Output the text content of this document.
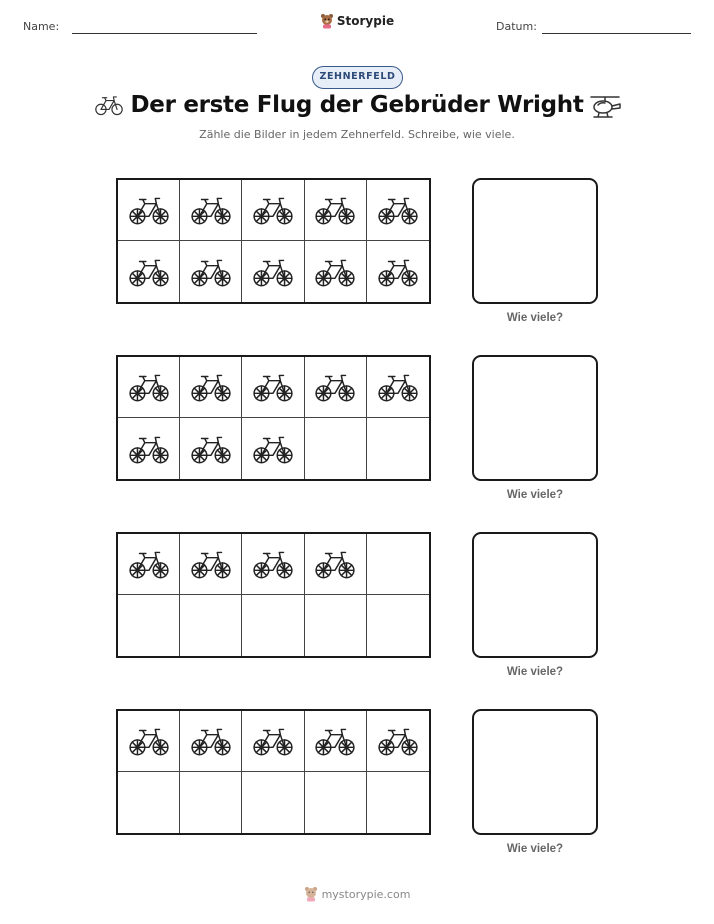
Name:	Storypie	Datum:
ZEHNERFELD
Der erste Flug der Gebrüder Wright
Zähle die Bilder in jedem Zehnerfeld. Schreibe, wie viele.
Wie viele?
Wie viele?
Wie viele?
Wie viele?
mystorypie.com
